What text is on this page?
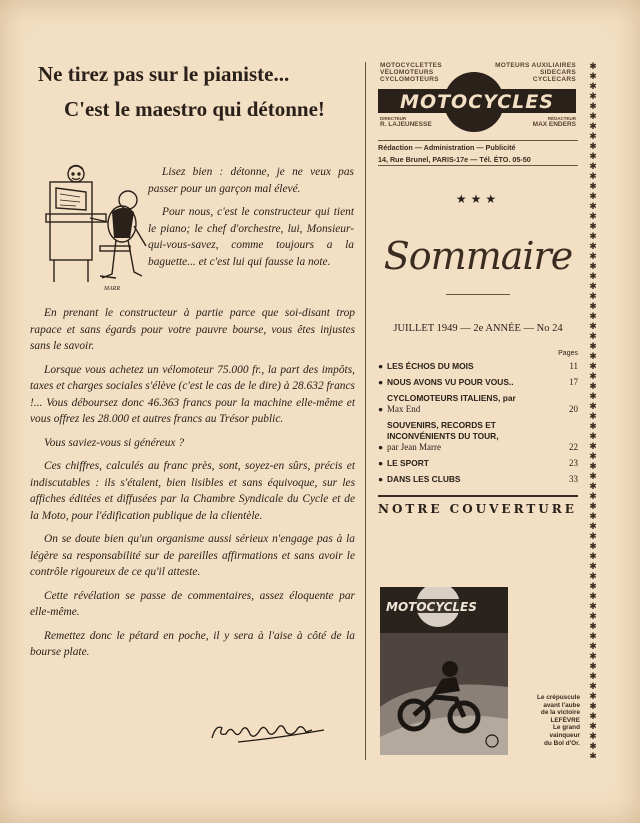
Ne tirez pas sur le pianiste...
C'est le maestro qui détonne!
MARR

Lisez bien : détonne, je ne veux pas passer pour un garçon mal élevé.

Pour nous, c'est le constructeur qui tient le piano; le chef d'orchestre, lui, Monsieur-qui-vous-savez, comme toujours a la baguette... et c'est lui qui fausse la note.

En prenant le constructeur à partie parce que soi-disant trop rapace et sans égards pour votre pauvre bourse, vous êtes injustes sans le savoir.

Lorsque vous achetez un vélomoteur 75.000 fr., la part des impôts, taxes et charges sociales s'élève (c'est le cas de le dire) à 28.632 francs !... Vous déboursez donc 46.363 francs pour la machine elle-même et vous offrez les 28.000 et autres francs au Trésor public.

Vous saviez-vous si généreux ?

Ces chiffres, calculés au franc près, sont, soyez-en sûrs, précis et indiscutables : ils s'étalent, bien lisibles et sans équivoque, sur les affiches éditées et diffusées par la Chambre Syndicale du Cycle et de la Moto, pour l'édification publique de la clientèle.

On se doute bien qu'un organisme aussi sérieux n'engage pas à la légère sa responsabilité sur de pareilles affirmations et sans avoir le contrôle rigoureux de ce qu'il atteste.

Cette révélation se passe de commentaires, assez éloquente par elle-même.

Remettez donc le pétard en poche, il y sera à l'aise à côté de la bourse plate.

MOTOCYCLETTES
VÉLOMOTEURS
CYCLOMOTEURS
MOTEURS AUXILIAIRES
SIDECARS
CYCLECARS
MOTOCYCLES
DIRECTEUR
R. LAJEUNESSE
RÉDACTEUR
MAX ENDERS
Rédaction — Administration — Publicité
14, Rue Brunel, PARIS-17e — Tél. ÉTO. 05-50
★★★
Sommaire
JUILLET 1949 — 2e ANNÉE — No 24
Pages
● LES ÉCHOS DU MOIS	11
● NOUS AVONS VU POUR VOUS..	17
●
CYCLOMOTEURS ITALIENS, par
Max End	20
●
SOUVENIRS, RECORDS ET INCONVÉNIENTS DU TOUR,
par Jean Marre	22
● LE SPORT	23
● DANS LES CLUBS	33
NOTRE COUVERTURE
MOTOCYCLES
Le crépuscule
avant l'aube
de la victoire
LEFÈVRE
Le grand
vainqueur
du Bol d'Or.
✱
✱
✱
✱
✱
✱
✱
✱
✱
✱
✱
✱
✱
✱
✱
✱
✱
✱
✱
✱
✱
✱
✱
✱
✱
✱
✱
✱
✱
✱
✱
✱
✱
✱
✱
✱
✱
✱
✱
✱
✱
✱
✱
✱
✱
✱
✱
✱
✱
✱
✱
✱
✱
✱
✱
✱
✱
✱
✱
✱
✱
✱
✱
✱
✱
✱
✱
✱
✱
✱
